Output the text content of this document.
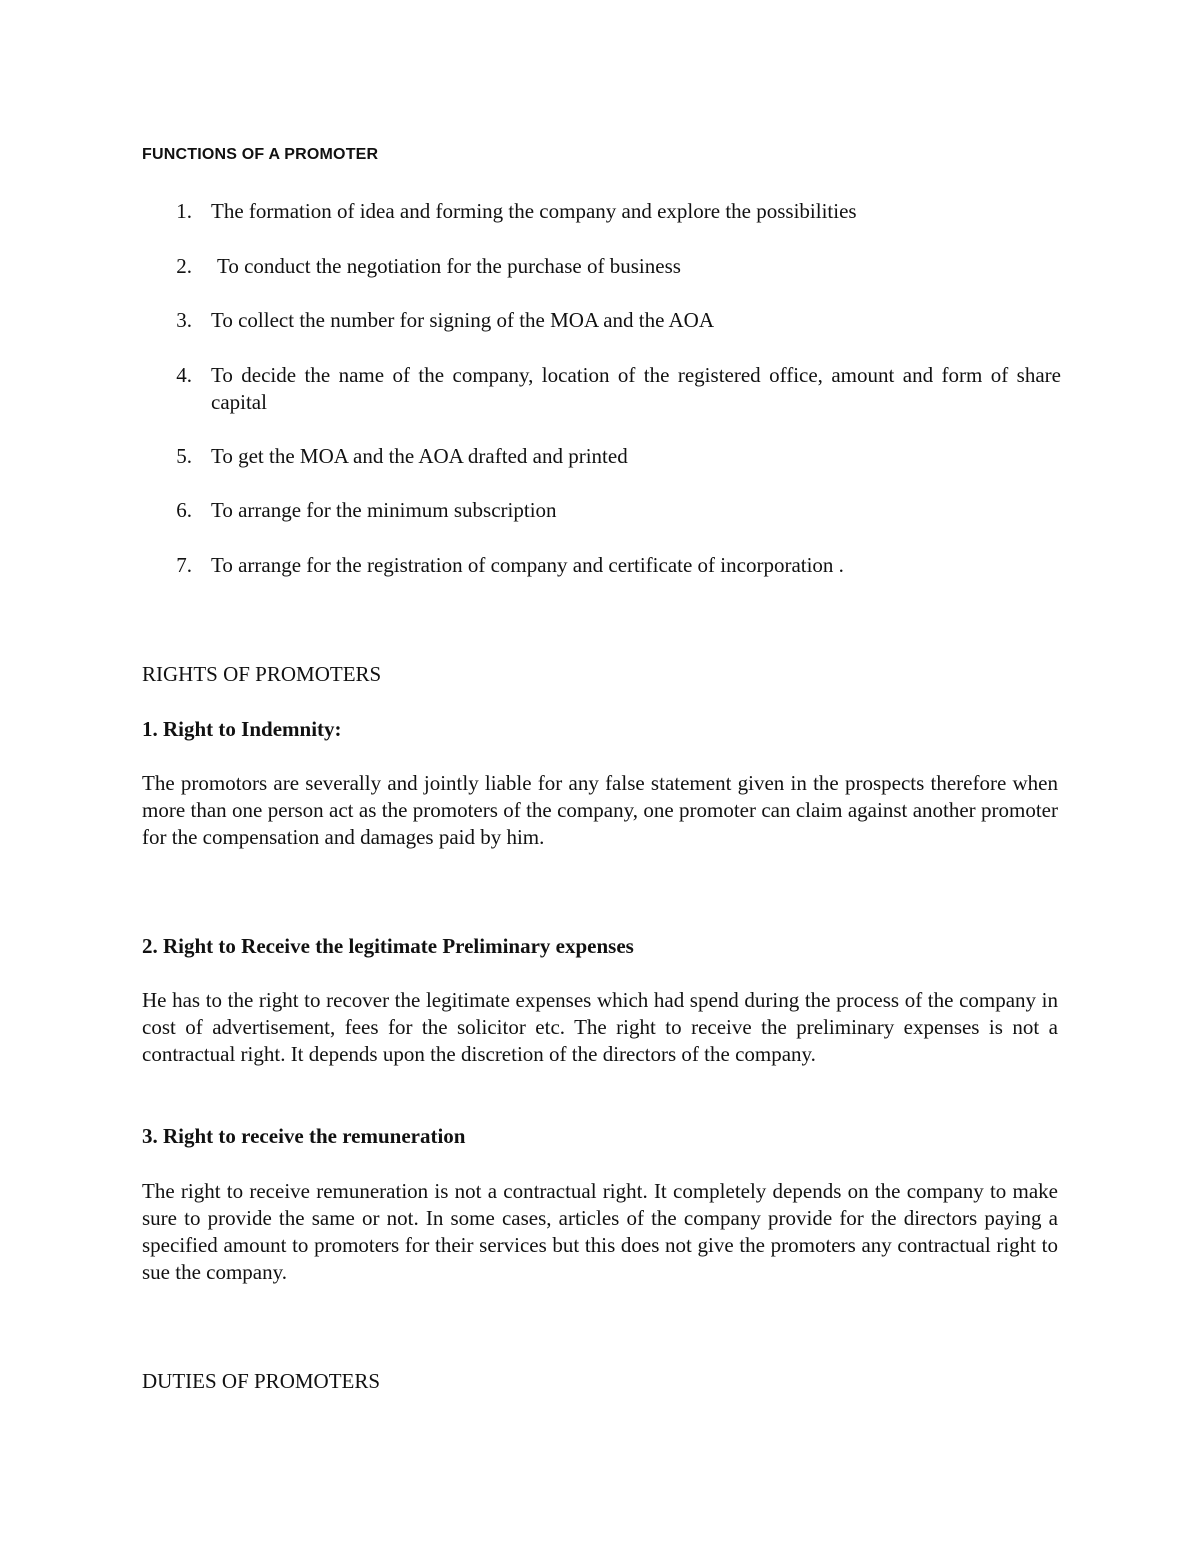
FUNCTIONS OF A PROMOTER
1. The formation of idea and forming the company and explore the possibilities
2. To conduct the negotiation for the purchase of business
3. To collect the number for signing of the MOA and the AOA
4. To decide the name of the company, location of the registered office, amount and form of share capital
5. To get the MOA and the AOA drafted and printed
6. To arrange for the minimum subscription
7. To arrange for the registration of company and certificate of incorporation .
RIGHTS OF PROMOTERS
1. Right to Indemnity:

The promotors are severally and jointly liable for any false statement given in the prospects therefore when more than one person act as the promoters of the company, one promoter can claim against another promoter for the compensation and damages paid by him.

2. Right to Receive the legitimate Preliminary expenses

He has to the right to recover the legitimate expenses which had spend during the process of the company in cost of advertisement, fees for the solicitor etc. The right to receive the preliminary expenses is not a contractual right. It depends upon the discretion of the directors of the company.

3. Right to receive the remuneration

The right to receive remuneration is not a contractual right. It completely depends on the company to make sure to provide the same or not. In some cases, articles of the company provide for the directors paying a specified amount to promoters for their services but this does not give the promoters any contractual right to sue the company.

DUTIES OF PROMOTERS
